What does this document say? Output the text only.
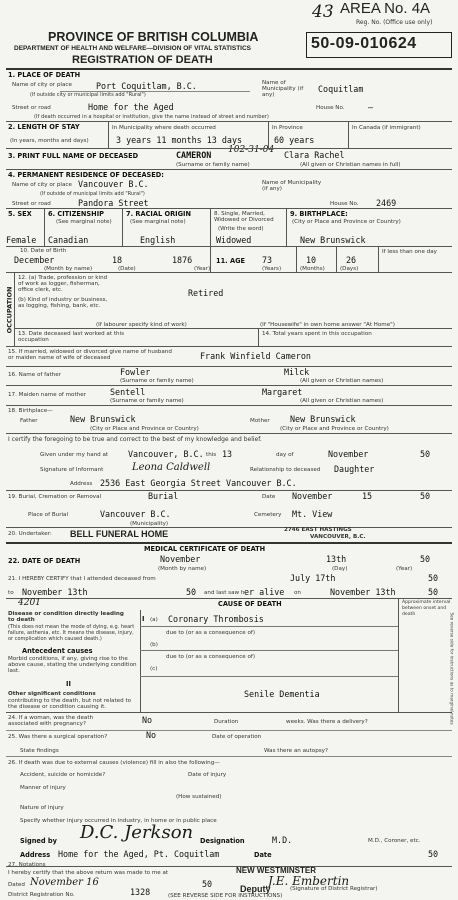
43 AREA No. 4A
Reg. No. (Office use only)
50-09-010624
PROVINCE OF BRITISH COLUMBIA
DEPARTMENT OF HEALTH AND WELFARE—DIVISION OF VITAL STATISTICS
REGISTRATION OF DEATH
1. PLACE OF DEATH
Name of city or place	Port Coquitlam, B.C.
(If outside city or municipal limits add "Rural")
Name of Municipality (if any)
Coquitlam
Street or road	Home for the Aged	House No.	—
(If death occurred in a hospital or institution, give the name instead of street and number)
2. LENGTH OF STAY	In Municipality where death occurred	In Province	In Canada (if immigrant)
(In years, months and days)	3 years 11 months 13 days	60 years
102-31-04
3. PRINT FULL NAME OF DECEASED	CAMERON	Clara Rachel
(Surname or family name)	(All given or Christian names in full)
4. PERMANENT RESIDENCE OF DECEASED:
Name of city or place Vancouver B.C.	Name of Municipality (if any)
(If outside of municipal limits add "Rural")
Street or road	Pandora Street	House No. 2469
5. SEX 6. CITIZENSHIP
(See marginal note)
7. RACIAL ORIGIN
(See marginal note)
8. Single, Married, Widowed or Divorced
(Write the word)
9. BIRTHPLACE:
(City or Place and Province or Country)
Female Canadian	English	Widowed	New Brunswick
10. Date of Birth
December	18	1876
(Month by name)	(Date)	(Year)
11. AGE 73	10	26
(Years)	(Months)	(Days)
If less than one day
OCCUPATION
12. (a) Trade, profession or kind of work as logger, fisherman, office clerk, etc.
(b) Kind of industry or business, as logging, fishing, bank, etc.
Retired
(If labourer specify kind of work)	(If "Housewife" in own home answer "At Home")
13. Date deceased last worked at this occupation
14. Total years spent in this occupation
15. If married, widowed or divorced give name of husband or maiden name of wife of deceased	Frank Winfield Cameron
16. Name of father	Fowler	Milck
(Surname or family name)	(All given or Christian names)
17. Maiden name of mother	Sentell	Margaret
(Surname or family name)	(All given or Christian names)
18. Birthplace—
Father	New Brunswick	Mother New Brunswick
(City or Place and Province or Country)	(City or Place and Province or Country)
I certify the foregoing to be true and correct to the best of my knowledge and belief.
Given under my hand at Vancouver, B.C. this 13	day of	November	50
Signature of Informant	Leona Caldwell	Relationship to deceased Daughter
Address 2536 East Georgia Street Vancouver B.C.
19. Burial, Cremation or Removal	Burial	Date November	15	50
Place of Burial	Vancouver B.C.
(Municipality)
Cemetery Mt. View
20. Undertaker: BELL FUNERAL HOME	2746 EAST HASTINGS
VANCOUVER, B.C.
MEDICAL CERTIFICATE OF DEATH
22. DATE OF DEATH	November	13th	50
(Month by name)	(Day)	(Year)
21. I HEREBY CERTIFY that I attended deceased from	July 17th	50
to November 13th	50 and last saw h er alive on	November 13th	50
4201	CAUSE OF DEATH	Approximate interval between onset and death
Disease or condition directly leading to death
(This does not mean the mode of dying, e.g. heart failure, asthenia, etc. It means the disease, injury, or complication which caused death.)
Antecedent causes
Morbid conditions, if any, giving rise to the above cause, stating the underlying condition last.
II
Other significant conditions
contributing to the death, but not related to the disease or condition causing it.
I (a) Coronary Thrombosis
due to (or as a consequence of)
(b)
due to (or as a consequence of)
(c)
Senile Dementia
24. If a woman, was the death associated with pregnancy?	No	Duration	weeks. Was there a delivery?
25. Was there a surgical operation?	No	Date of operation
State findings	Was there an autopsy?
26. If death was due to external causes (violence) fill in also the following—
Accident, suicide or homicide?	Date of injury
Manner of injury
(How sustained)
Nature of injury
Specify whether injury occurred in industry, in home or in public place
Signed by D.C. Jerkson Designation	M.D.	M.D., Coroner, etc.
Address Home for the Aged, Pt. Coquitlam	Date	50
27. Notations
I hereby certify that the above return was made to me at	NEW WESTMINSTER
Dated November 16	50	J.E. Embertin
Deputy	(Signature of District Registrar)
District Registration No.	1328	(SEE REVERSE SIDE FOR INSTRUCTIONS)
See reverse side for instructions as to marginal notes
